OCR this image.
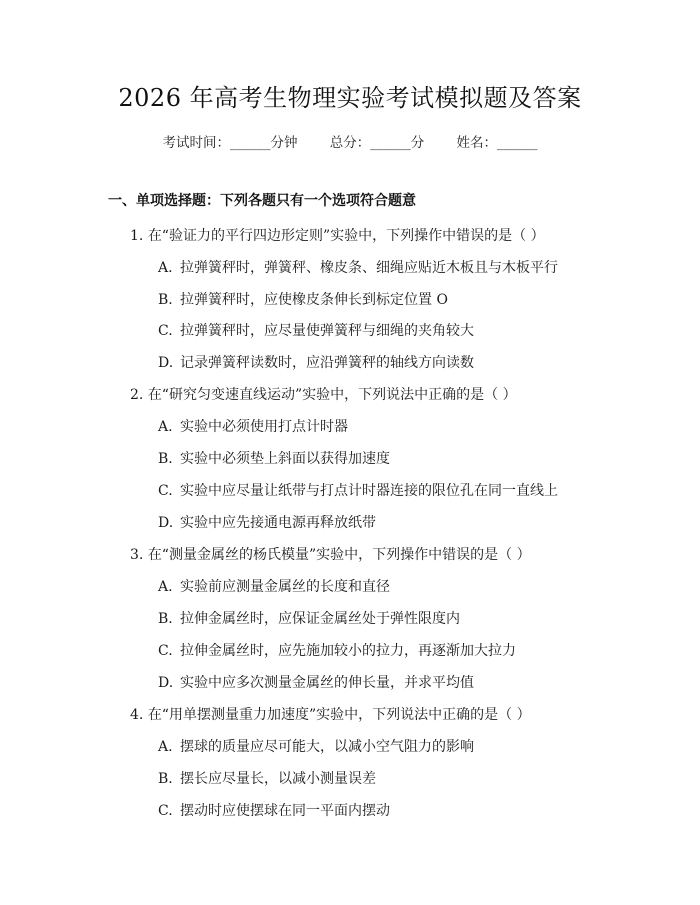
2026 年高考生物理实验考试模拟题及答案
考试时间：______分钟 总分：______分 姓名：______
一、单项选择题：下列各题只有一个选项符合题意
1. 在“验证力的平行四边形定则”实验中，下列操作中错误的是（ ）
A. 拉弹簧秤时，弹簧秤、橡皮条、细绳应贴近木板且与木板平行
B. 拉弹簧秤时，应使橡皮条伸长到标定位置 O
C. 拉弹簧秤时，应尽量使弹簧秤与细绳的夹角较大
D. 记录弹簧秤读数时，应沿弹簧秤的轴线方向读数
2. 在“研究匀变速直线运动”实验中，下列说法中正确的是（ ）
A. 实验中必须使用打点计时器
B. 实验中必须垫上斜面以获得加速度
C. 实验中应尽量让纸带与打点计时器连接的限位孔在同一直线上
D. 实验中应先接通电源再释放纸带
3. 在“测量金属丝的杨氏模量”实验中，下列操作中错误的是（ ）
A. 实验前应测量金属丝的长度和直径
B. 拉伸金属丝时，应保证金属丝处于弹性限度内
C. 拉伸金属丝时，应先施加较小的拉力，再逐渐加大拉力
D. 实验中应多次测量金属丝的伸长量，并求平均值
4. 在“用单摆测量重力加速度”实验中，下列说法中正确的是（ ）
A. 摆球的质量应尽可能大，以减小空气阻力的影响
B. 摆长应尽量长，以减小测量误差
C. 摆动时应使摆球在同一平面内摆动
